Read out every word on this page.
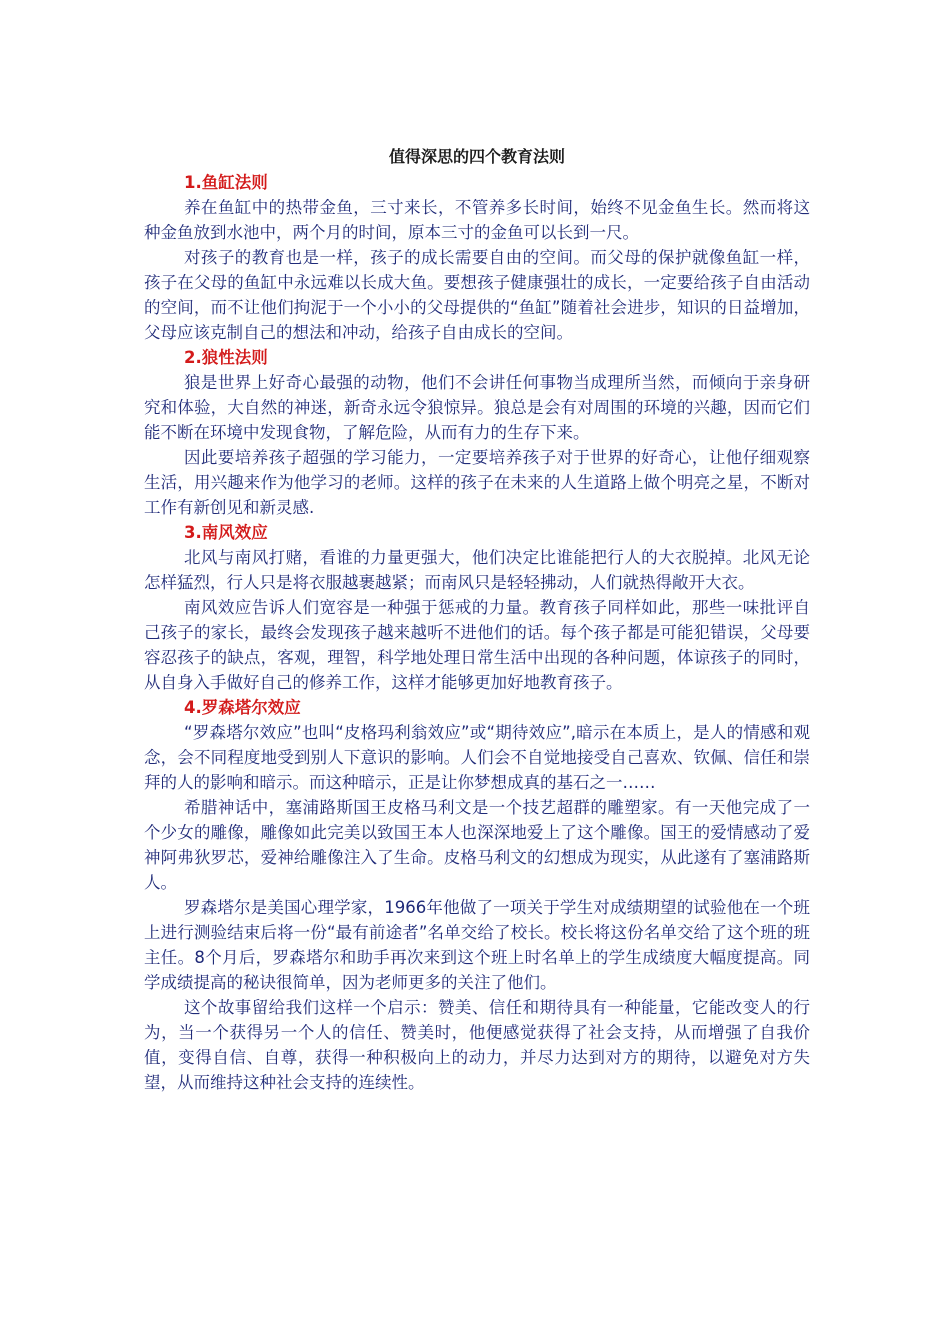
值得深思的四个教育法则
1.鱼缸法则

养在鱼缸中的热带金鱼，三寸来长，不管养多长时间，始终不见金鱼生长。然而将这种金鱼放到水池中，两个月的时间，原本三寸的金鱼可以长到一尺。

对孩子的教育也是一样，孩子的成长需要自由的空间。而父母的保护就像鱼缸一样，孩子在父母的鱼缸中永远难以长成大鱼。要想孩子健康强壮的成长，一定要给孩子自由活动的空间，而不让他们拘泥于一个小小的父母提供的“鱼缸”随着社会进步，知识的日益增加，父母应该克制自己的想法和冲动，给孩子自由成长的空间。

2.狼性法则

狼是世界上好奇心最强的动物，他们不会讲任何事物当成理所当然，而倾向于亲身研究和体验，大自然的神迷，新奇永远令狼惊异。狼总是会有对周围的环境的兴趣，因而它们能不断在环境中发现食物，了解危险，从而有力的生存下来。

因此要培养孩子超强的学习能力，一定要培养孩子对于世界的好奇心，让他仔细观察生活，用兴趣来作为他学习的老师。这样的孩子在未来的人生道路上做个明亮之星，不断对工作有新创见和新灵感.

3.南风效应

北风与南风打赌，看谁的力量更强大，他们决定比谁能把行人的大衣脱掉。北风无论怎样猛烈，行人只是将衣服越裹越紧；而南风只是轻轻拂动，人们就热得敞开大衣。

南风效应告诉人们宽容是一种强于惩戒的力量。教育孩子同样如此，那些一味批评自己孩子的家长，最终会发现孩子越来越听不进他们的话。每个孩子都是可能犯错误，父母要容忍孩子的缺点，客观，理智，科学地处理日常生活中出现的各种问题，体谅孩子的同时，从自身入手做好自己的修养工作，这样才能够更加好地教育孩子。

4.罗森塔尔效应

“罗森塔尔效应”也叫“皮格玛利翁效应”或“期待效应”,暗示在本质上，是人的情感和观念，会不同程度地受到别人下意识的影响。人们会不自觉地接受自己喜欢、钦佩、信任和崇拜的人的影响和暗示。而这种暗示，正是让你梦想成真的基石之一……

希腊神话中，塞浦路斯国王皮格马利文是一个技艺超群的雕塑家。有一天他完成了一个少女的雕像，雕像如此完美以致国王本人也深深地爱上了这个雕像。国王的爱情感动了爱神阿弗狄罗芯，爱神给雕像注入了生命。皮格马利文的幻想成为现实，从此遂有了塞浦路斯人。

罗森塔尔是美国心理学家，1966年他做了一项关于学生对成绩期望的试验他在一个班上进行测验结束后将一份“最有前途者”名单交给了校长。校长将这份名单交给了这个班的班主任。8个月后，罗森塔尔和助手再次来到这个班上时名单上的学生成绩度大幅度提高。同学成绩提高的秘诀很简单，因为老师更多的关注了他们。

这个故事留给我们这样一个启示：赞美、信任和期待具有一种能量，它能改变人的行为，当一个获得另一个人的信任、赞美时，他便感觉获得了社会支持，从而增强了自我价值，变得自信、自尊，获得一种积极向上的动力，并尽力达到对方的期待，以避免对方失望，从而维持这种社会支持的连续性。
